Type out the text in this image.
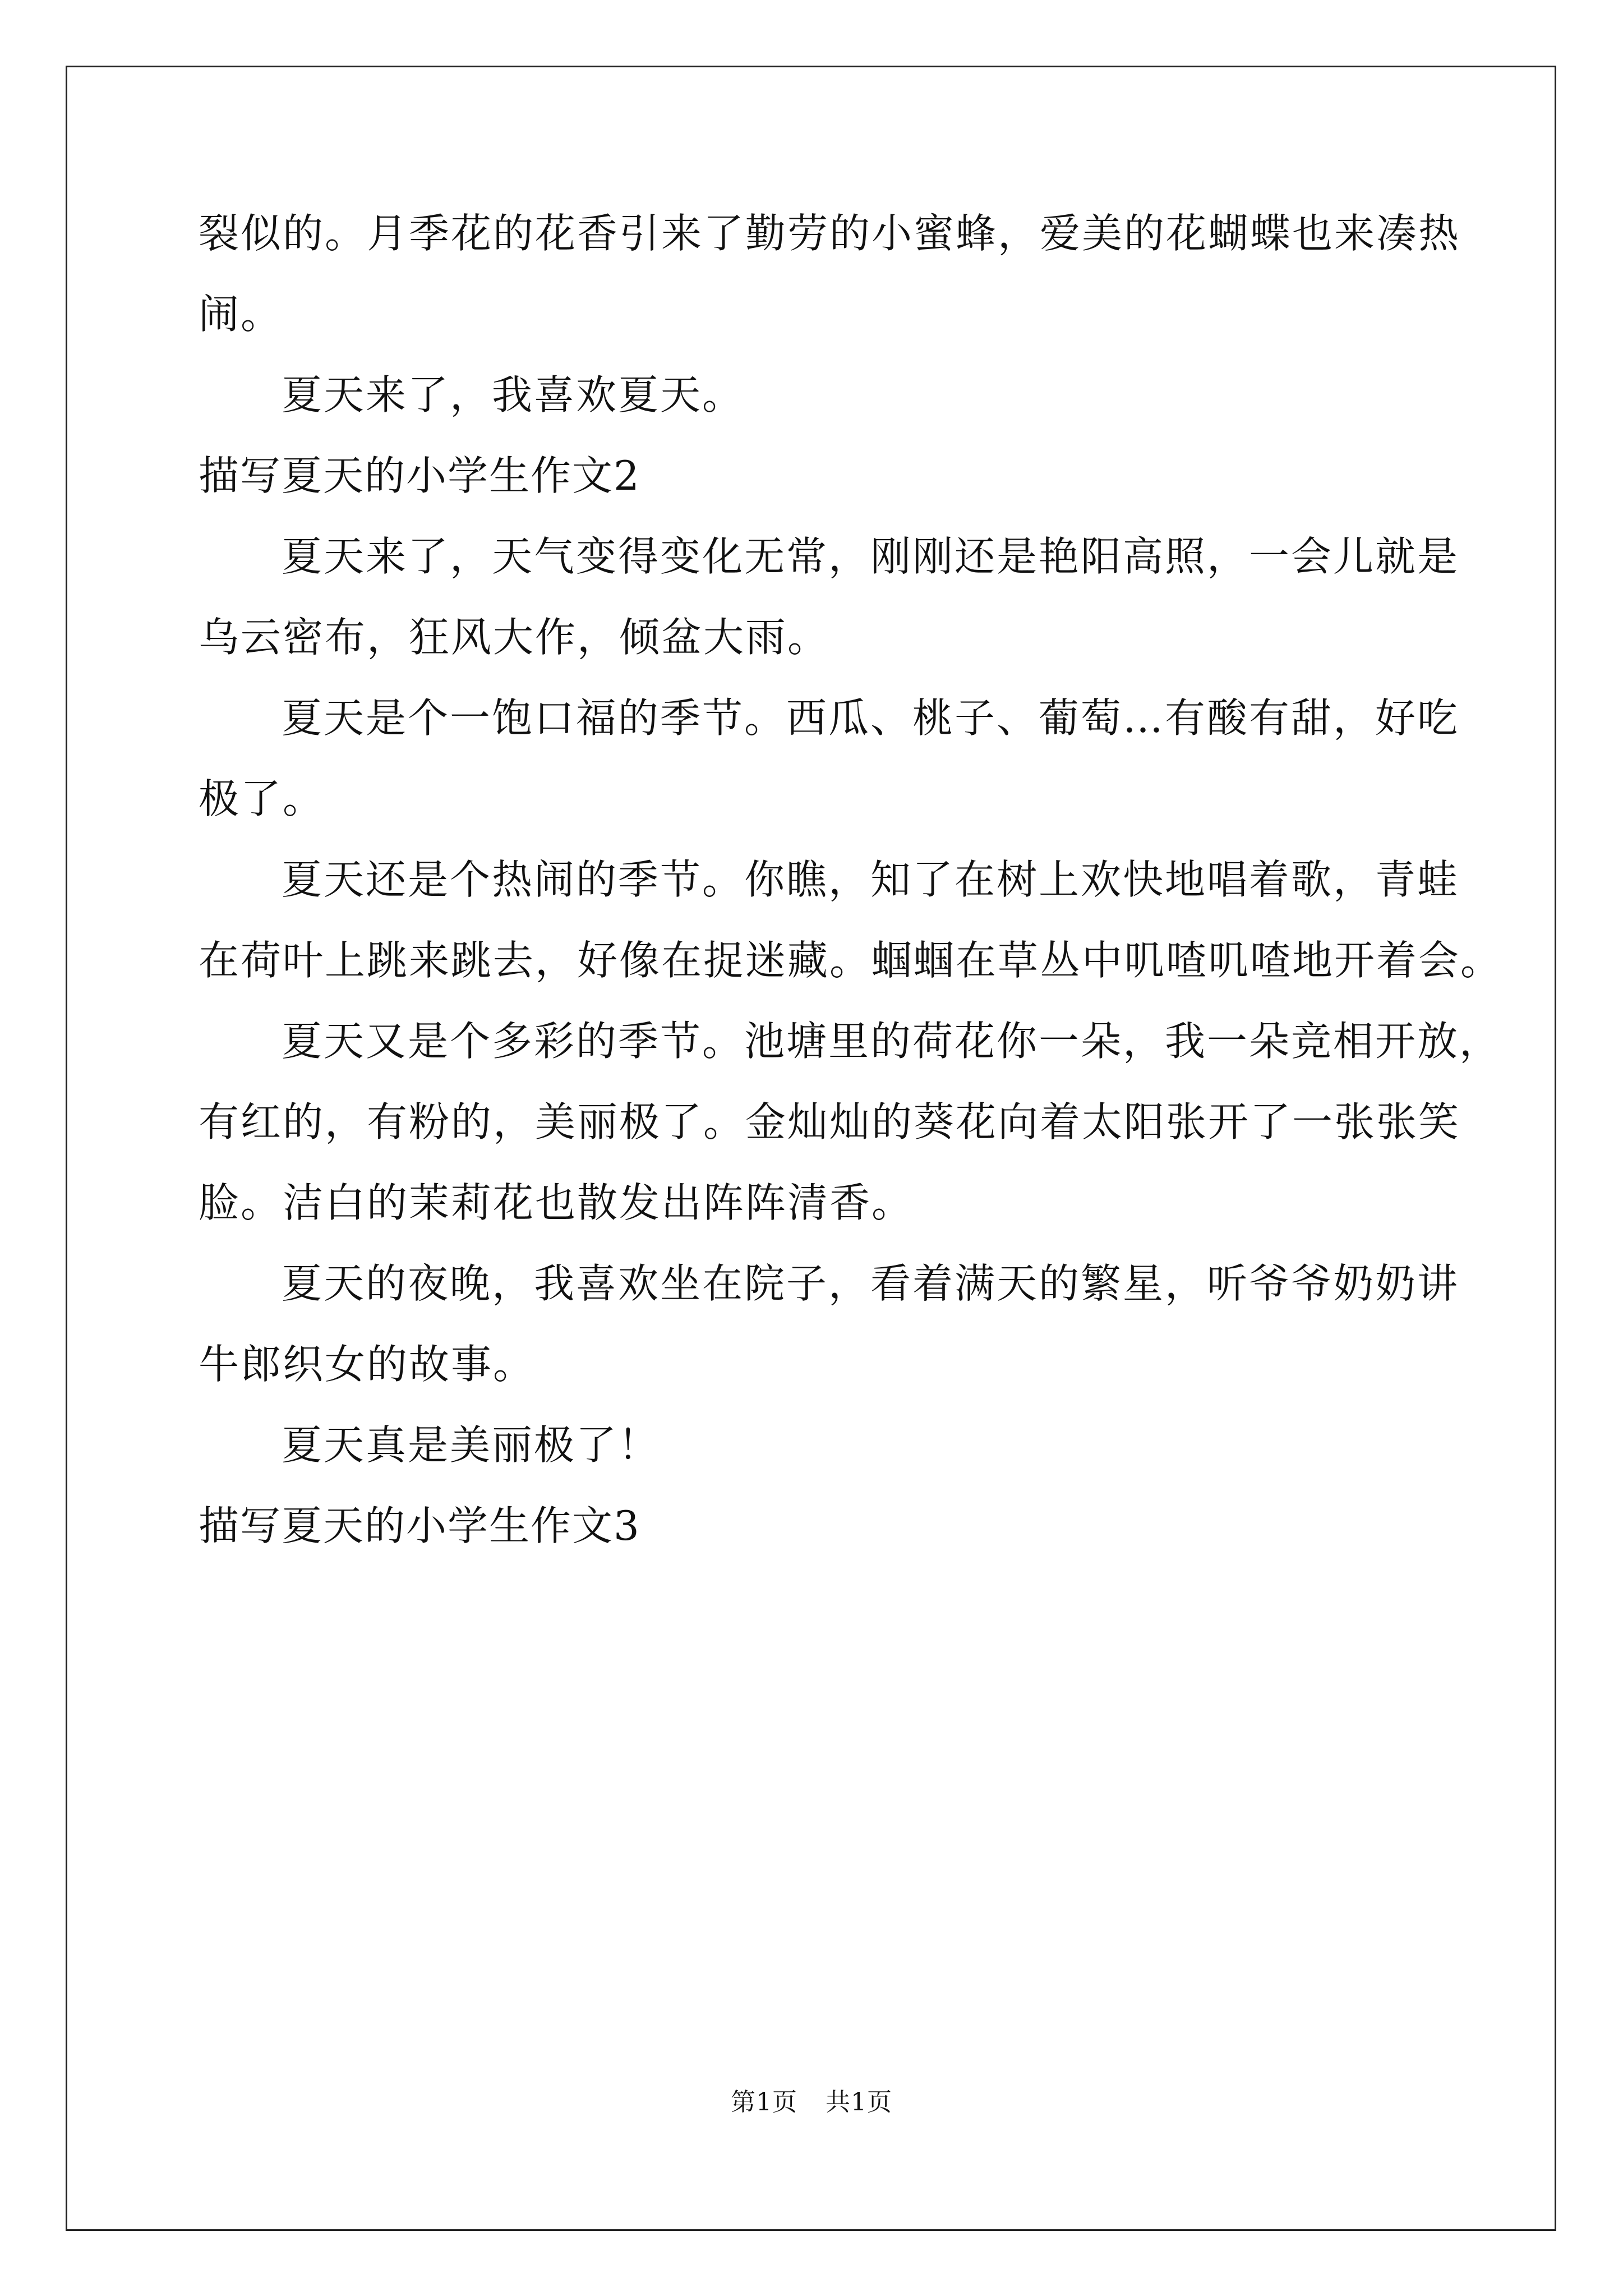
裂似的。月季花的花香引来了勤劳的小蜜蜂，爱美的花蝴蝶也来凑热

闹。

夏天来了，我喜欢夏天。

描写夏天的小学生作文2

夏天来了，天气变得变化无常，刚刚还是艳阳高照，一会儿就是

乌云密布，狂风大作，倾盆大雨。

夏天是个一饱口福的季节。西瓜、桃子、葡萄…有酸有甜，好吃

极了。

夏天还是个热闹的季节。你瞧，知了在树上欢快地唱着歌，青蛙

在荷叶上跳来跳去，好像在捉迷藏。蝈蝈在草丛中叽喳叽喳地开着会。

夏天又是个多彩的季节。池塘里的荷花你一朵，我一朵竞相开放，

有红的，有粉的，美丽极了。金灿灿的葵花向着太阳张开了一张张笑

脸。洁白的茉莉花也散发出阵阵清香。

夏天的夜晚，我喜欢坐在院子，看着满天的繁星，听爷爷奶奶讲

牛郎织女的故事。

夏天真是美丽极了！

描写夏天的小学生作文3

第1页 共1页
